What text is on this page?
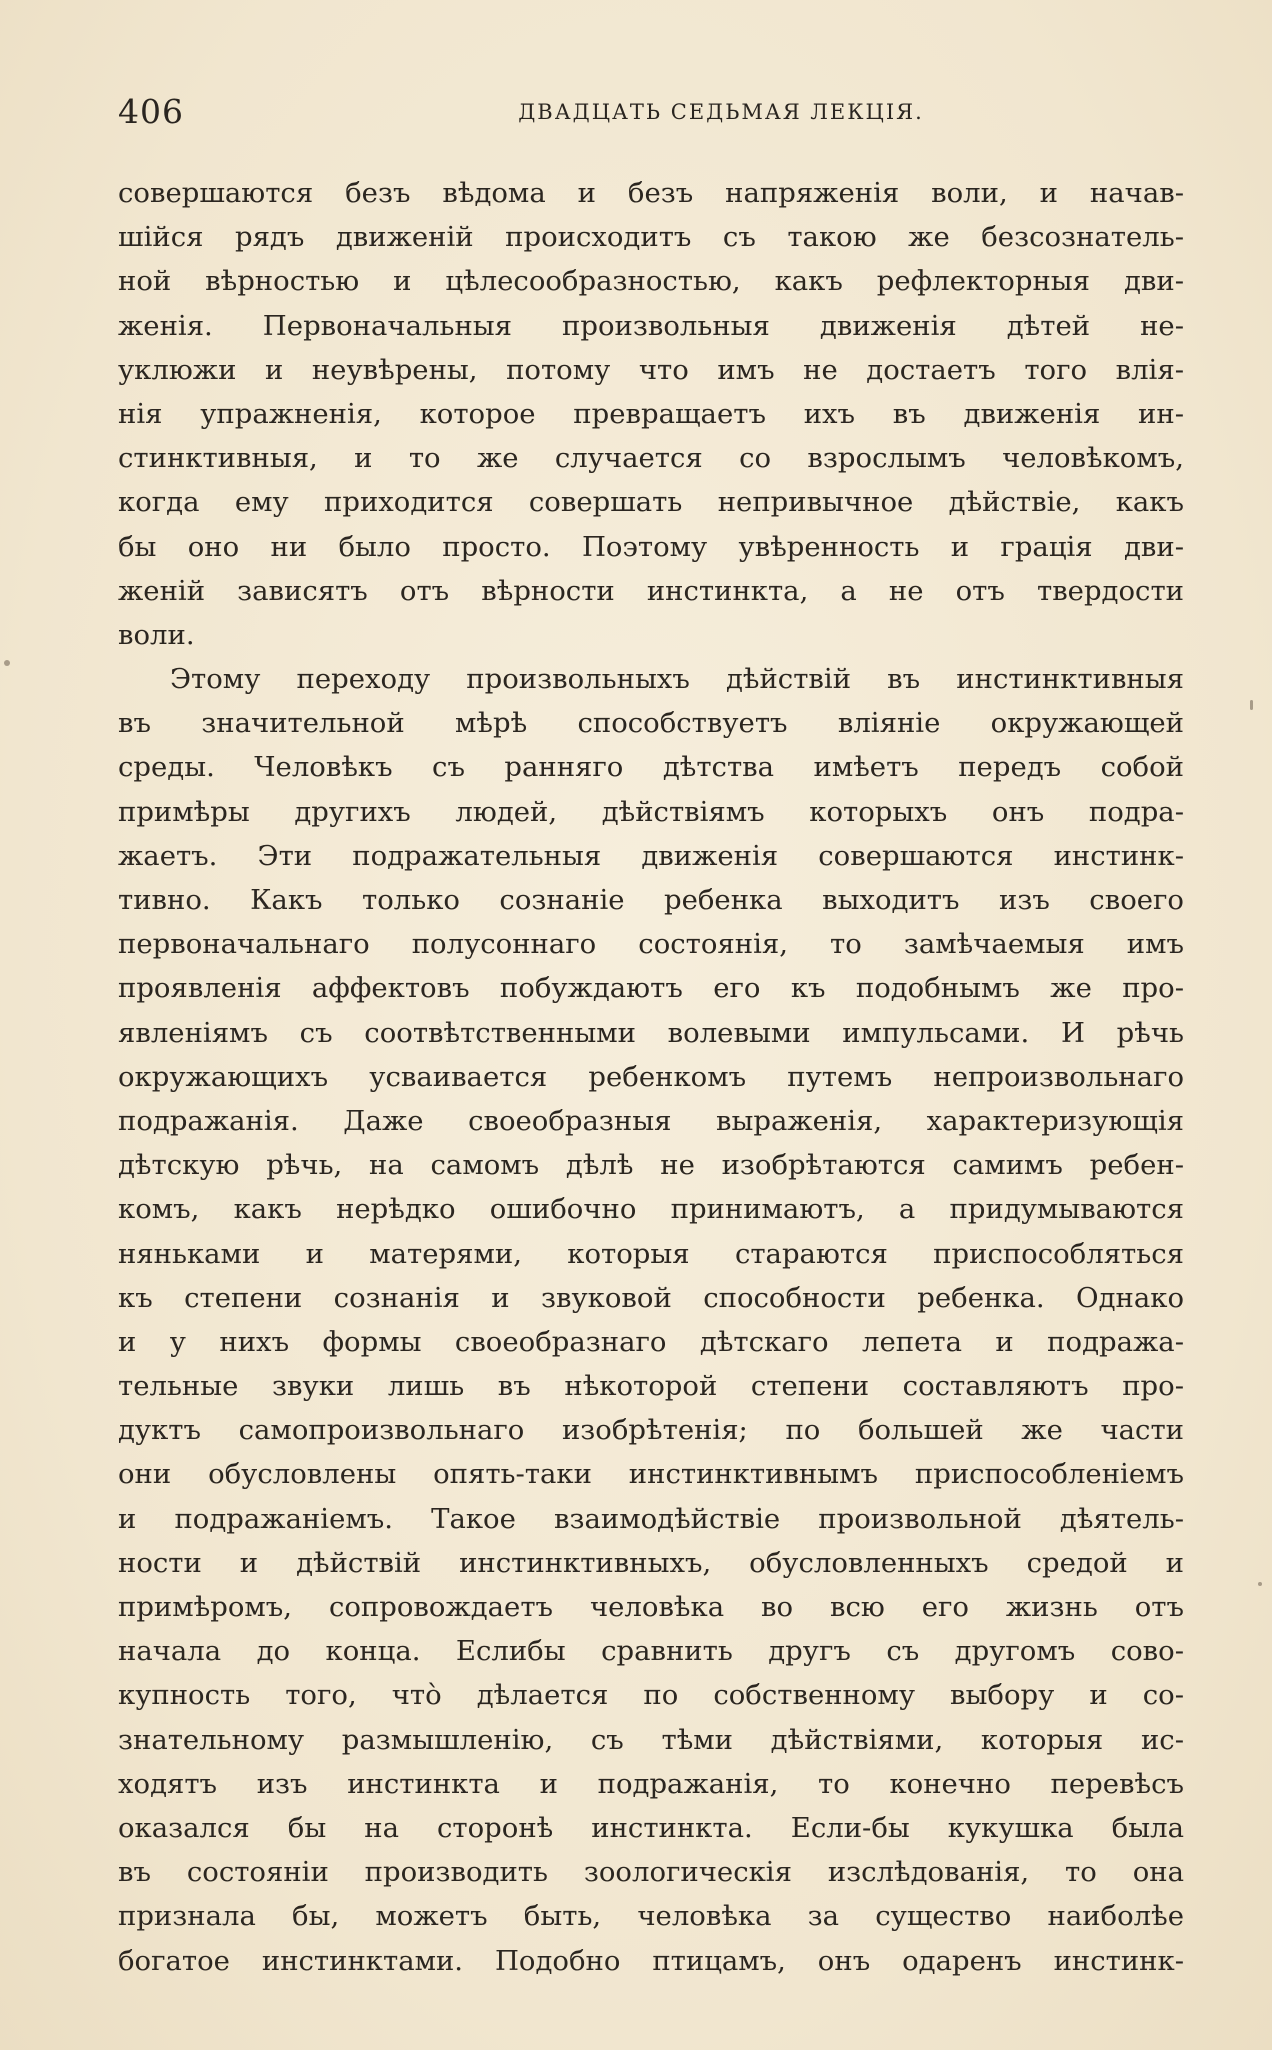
406	ДВАДЦАТЬ СЕДЬМАЯ ЛЕКЦІЯ.
совершаются безъ вѣдома и безъ напряженія воли, и начав-
шійся рядъ движеній происходитъ съ такою же безсознатель-
ной вѣрностью и цѣлесообразностью, какъ рефлекторныя дви-
женія. Первоначальныя произвольныя движенія дѣтей не-
уклюжи и неувѣрены, потому что имъ не достаетъ того влія-
нія упражненія, которое превращаетъ ихъ въ движенія ин-
стинктивныя, и то же случается со взрослымъ человѣкомъ,
когда ему приходится совершать непривычное дѣйствіе, какъ
бы оно ни было просто. Поэтому увѣренность и грація дви-
женій зависятъ отъ вѣрности инстинкта, а не отъ твердости
воли.
Этому переходу произвольныхъ дѣйствій въ инстинктивныя
въ значительной мѣрѣ способствуетъ вліяніе окружающей
среды. Человѣкъ съ ранняго дѣтства имѣетъ передъ собой
примѣры другихъ людей, дѣйствіямъ которыхъ онъ подра-
жаетъ. Эти подражательныя движенія совершаются инстинк-
тивно. Какъ только сознаніе ребенка выходитъ изъ своего
первоначальнаго полусоннаго состоянія, то замѣчаемыя имъ
проявленія аффектовъ побуждаютъ его къ подобнымъ же про-
явленіямъ съ соотвѣтственными волевыми импульсами. И рѣчь
окружающихъ усваивается ребенкомъ путемъ непроизвольнаго
подражанія. Даже своеобразныя выраженія, характеризующія
дѣтскую рѣчь, на самомъ дѣлѣ не изобрѣтаются самимъ ребен-
комъ, какъ нерѣдко ошибочно принимаютъ, а придумываются
няньками и матерями, которыя стараются приспособляться
къ степени сознанія и звуковой способности ребенка. Однако
и у нихъ формы своеобразнаго дѣтскаго лепета и подража-
тельные звуки лишь въ нѣкоторой степени составляютъ про-
дуктъ самопроизвольнаго изобрѣтенія; по большей же части
они обусловлены опять-таки инстинктивнымъ приспособленіемъ
и подражаніемъ. Такое взаимодѣйствіе произвольной дѣятель-
ности и дѣйствій инстинктивныхъ, обусловленныхъ средой и
примѣромъ, сопровождаетъ человѣка во всю его жизнь отъ
начала до конца. Еслибы сравнить другъ съ другомъ сово-
купность того, что̀ дѣлается по собственному выбору и со-
знательному размышленію, съ тѣми дѣйствіями, которыя ис-
ходятъ изъ инстинкта и подражанія, то конечно перевѣсъ
оказался бы на сторонѣ инстинкта. Если-бы кукушка была
въ состояніи производить зоологическія изслѣдованія, то она
признала бы, можетъ быть, человѣка за существо наиболѣе
богатое инстинктами. Подобно птицамъ, онъ одаренъ инстинк-
